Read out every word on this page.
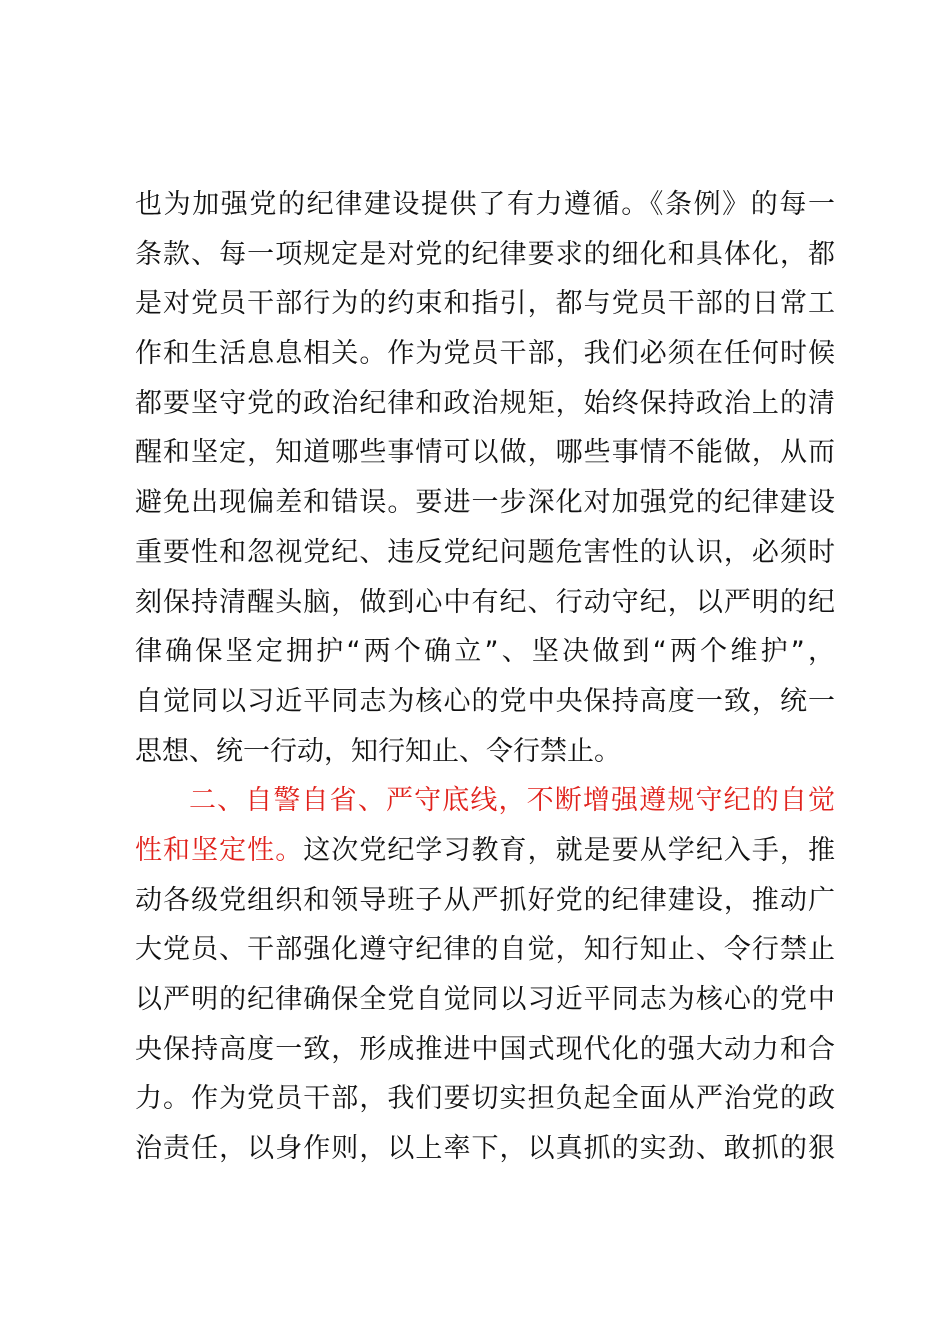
也为加强党的纪律建设提供了有力遵循。《条例》的每一
条款、每一项规定是对党的纪律要求的细化和具体化，都
是对党员干部行为的约束和指引，都与党员干部的日常工
作和生活息息相关。作为党员干部，我们必须在任何时候
都要坚守党的政治纪律和政治规矩，始终保持政治上的清
醒和坚定，知道哪些事情可以做，哪些事情不能做，从而
避免出现偏差和错误。要进一步深化对加强党的纪律建设
重要性和忽视党纪、违反党纪问题危害性的认识，必须时
刻保持清醒头脑，做到心中有纪、行动守纪，以严明的纪
律确保坚定拥护“两个确立”、坚决做到“两个维护”，
自觉同以习近平同志为核心的党中央保持高度一致，统一
思想、统一行动，知行知止、令行禁止。
二、自警自省、严守底线，不断增强遵规守纪的自觉
性和坚定性。这次党纪学习教育，就是要从学纪入手，推
动各级党组织和领导班子从严抓好党的纪律建设，推动广
大党员、干部强化遵守纪律的自觉，知行知止、令行禁止
以严明的纪律确保全党自觉同以习近平同志为核心的党中
央保持高度一致，形成推进中国式现代化的强大动力和合
力。作为党员干部，我们要切实担负起全面从严治党的政
治责任，以身作则，以上率下，以真抓的实劲、敢抓的狠
